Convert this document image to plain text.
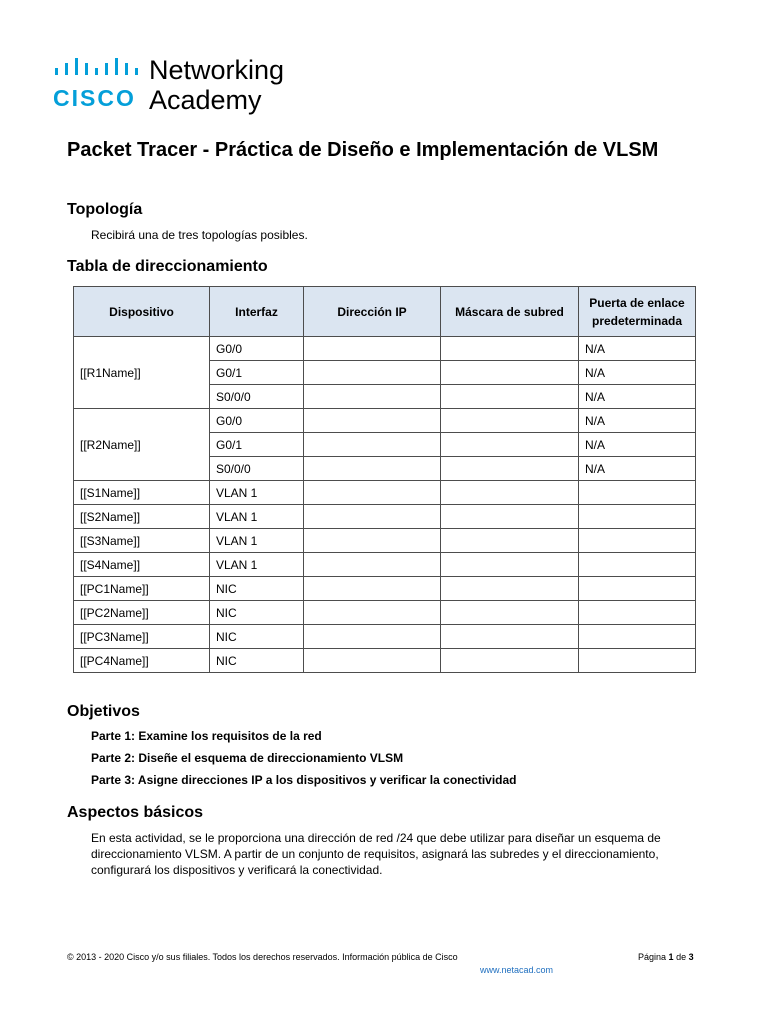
CISCO
Networking
Academy
Packet Tracer - Práctica de Diseño e Implementación de VLSM
Topología

Recibirá una de tres topologías posibles.

Tabla de direccionamiento
Dispositivo	Interfaz	Dirección IP	Máscara de subred	Puerta de enlace predeterminada
[[R1Name]]	G0/0			N/A
	G0/1			N/A
	S0/0/0			N/A
[[R2Name]]	G0/0			N/A
	G0/1			N/A
	S0/0/0			N/A
[[S1Name]]	VLAN 1			
[[S2Name]]	VLAN 1			
[[S3Name]]	VLAN 1			
[[S4Name]]	VLAN 1			
[[PC1Name]]	NIC			
[[PC2Name]]	NIC			
[[PC3Name]]	NIC			
[[PC4Name]]	NIC			
Objetivos
Parte 1: Examine los requisitos de la red
Parte 2: Diseñe el esquema de direccionamiento VLSM
Parte 3: Asigne direcciones IP a los dispositivos y verificar la conectividad
Aspectos básicos

En esta actividad, se le proporciona una dirección de red /24 que debe utilizar para diseñar un esquema de direccionamiento VLSM. A partir de un conjunto de requisitos, asignará las subredes y el direccionamiento, configurará los dispositivos y verificará la conectividad.

© 2013 - 2020 Cisco y/o sus filiales. Todos los derechos reservados. Información pública de Cisco
www.netacad.com
Página 1 de 3
